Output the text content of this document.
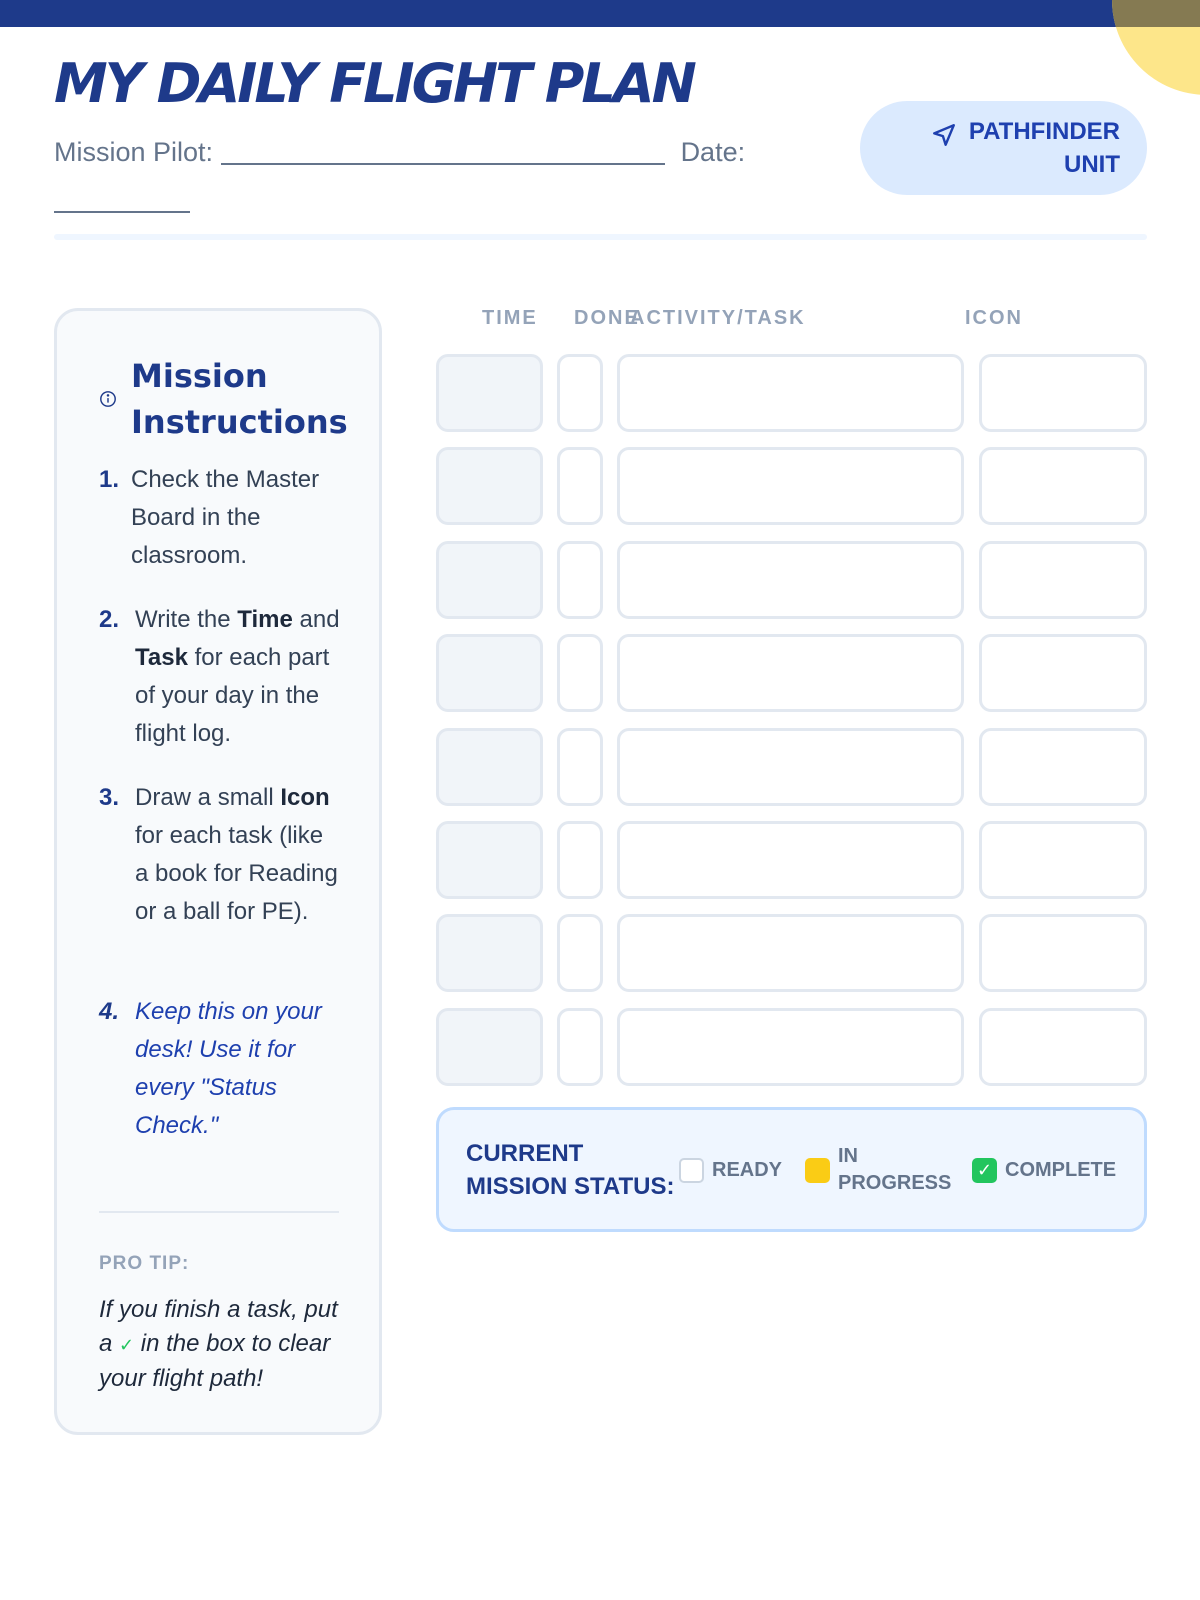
MY DAILY FLIGHT PLAN
Mission Pilot:	Date:
PATHFINDER
UNIT
Mission Instructions
1. Check the Master Board in the classroom.
2. Write the Time and Task for each part of your day in the flight log.
3. Draw a small Icon for each task (like a book for Reading or a ball for PE).
4. Keep this on your desk! Use it for every "Status Check."
PRO TIP:
If you finish a task, put a ✓ in the box to clear your flight path!
TIME DONE
ACTIVITY/TASK	ICON
CURRENT MISSION STATUS:
READY
IN PROGRESS
✓ COMPLETE
